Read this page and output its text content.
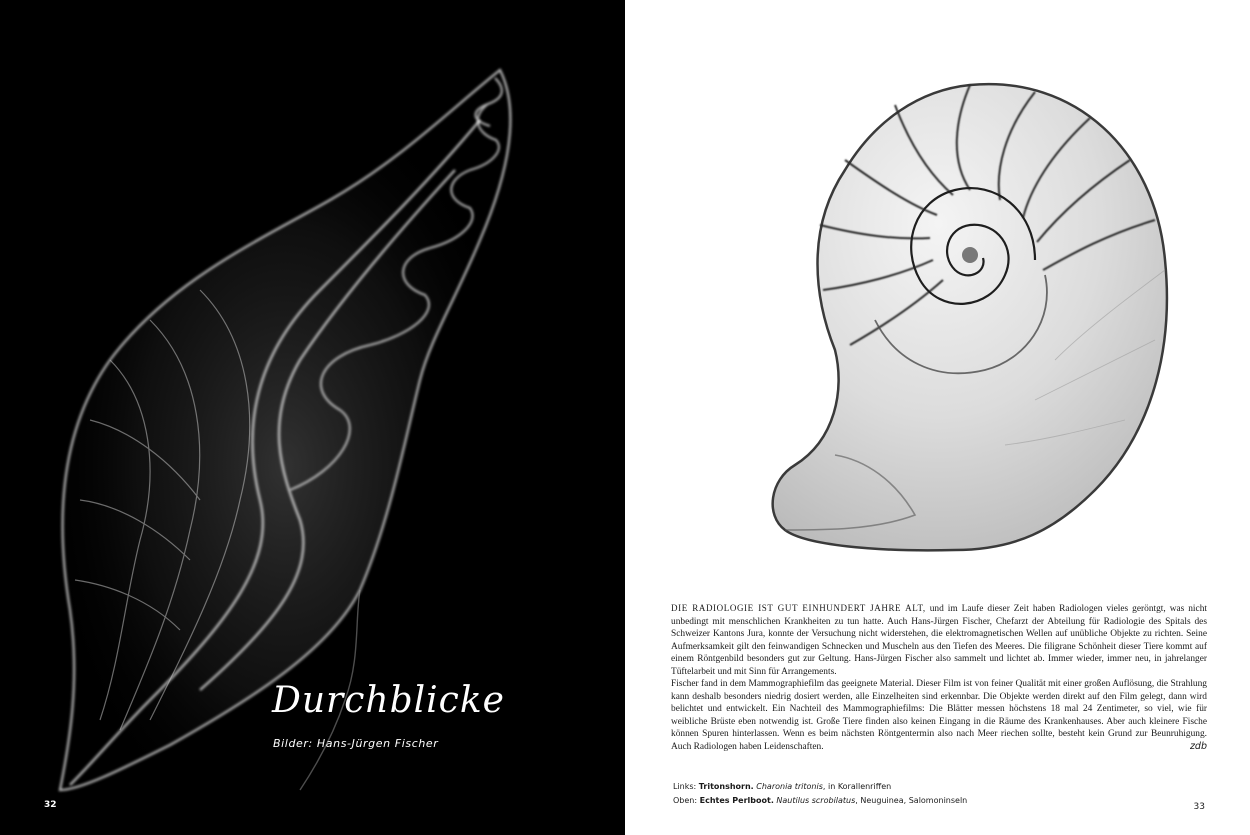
Durchblicke
Bilder: Hans-Jürgen Fischer
32

DIE RADIOLOGIE IST GUT EINHUNDERT JAHRE ALT, und im Laufe dieser Zeit haben Radiologen vieles geröntgt, was nicht unbedingt mit menschlichen Krankheiten zu tun hatte. Auch Hans-Jürgen Fischer, Chefarzt der Abteilung für Radiologie des Spitals des Schweizer Kantons Jura, konnte der Versuchung nicht widerstehen, die elektromagnetischen Wellen auf unübliche Objekte zu richten. Seine Aufmerksamkeit gilt den feinwandigen Schnecken und Muscheln aus den Tiefen des Meeres. Die filigrane Schönheit dieser Tiere kommt auf einem Röntgenbild besonders gut zur Geltung. Hans-Jürgen Fischer also sammelt und lichtet ab. Immer wieder, immer neu, in jahrelanger Tüftelarbeit und mit Sinn für Arrangements.

Fischer fand in dem Mammographiefilm das geeignete Material. Dieser Film ist von feiner Qualität mit einer großen Auflösung, die Strahlung kann deshalb besonders niedrig dosiert werden, alle Einzelheiten sind erkennbar. Die Objekte werden direkt auf den Film gelegt, dann wird belichtet und entwickelt. Ein Nachteil des Mammographiefilms: Die Blätter messen höchstens 18 mal 24 Zentimeter, so viel, wie für weibliche Brüste eben notwendig ist. Große Tiere finden also keinen Eingang in die Räume des Krankenhauses. Aber auch kleinere Fische können Spuren hinterlassen. Wenn es beim nächsten Röntgentermin also nach Meer riechen sollte, besteht kein Grund zur Beunruhigung. Auch Radiologen haben Leidenschaften.	zdb
Links: Tritonshorn. Charonia tritonis, in Korallenriffen
Oben: Echtes Perlboot. Nautilus scrobilatus, Neuguinea, Salomoninseln
33
